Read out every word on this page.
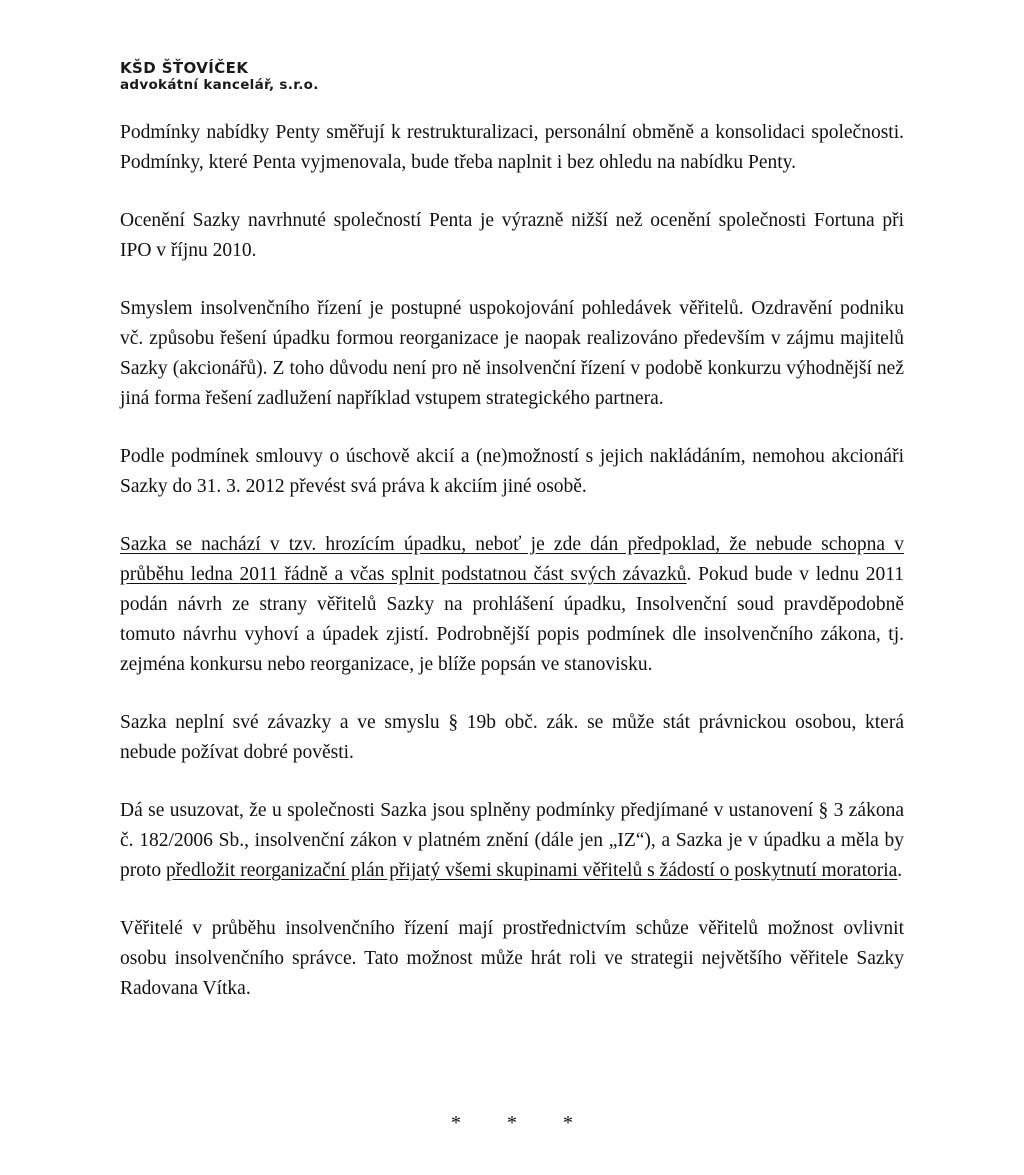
KŠD ŠŤOVÍČEK
advokátní kancelář, s.r.o.

Podmínky nabídky Penty směřují k restrukturalizaci, personální obměně a konsolidaci společnosti. Podmínky, které Penta vyjmenovala, bude třeba naplnit i bez ohledu na nabídku Penty.

Ocenění Sazky navrhnuté společností Penta je výrazně nižší než ocenění společnosti Fortuna při IPO v říjnu 2010.

Smyslem insolvenčního řízení je postupné uspokojování pohledávek věřitelů. Ozdravění podniku vč. způsobu řešení úpadku formou reorganizace je naopak realizováno především v zájmu majitelů Sazky (akcionářů). Z toho důvodu není pro ně insolvenční řízení v podobě konkurzu výhodnější než jiná forma řešení zadlužení například vstupem strategického partnera.

Podle podmínek smlouvy o úschově akcií a (ne)možností s jejich nakládáním, nemohou akcionáři Sazky do 31. 3. 2012 převést svá práva k akciím jiné osobě.

Sazka se nachází v tzv. hrozícím úpadku, neboť je zde dán předpoklad, že nebude schopna v průběhu ledna 2011 řádně a včas splnit podstatnou část svých závazků. Pokud bude v lednu 2011 podán návrh ze strany věřitelů Sazky na prohlášení úpadku, Insolvenční soud pravděpodobně tomuto návrhu vyhoví a úpadek zjistí. Podrobnější popis podmínek dle insolvenčního zákona, tj. zejména konkursu nebo reorganizace, je blíže popsán ve stanovisku.

Sazka neplní své závazky a ve smyslu § 19b obč. zák. se může stát právnickou osobou, která nebude požívat dobré pověsti.

Dá se usuzovat, že u společnosti Sazka jsou splněny podmínky předjímané v ustanovení § 3 zákona č. 182/2006 Sb., insolvenční zákon v platném znění (dále jen „IZ“), a Sazka je v úpadku a měla by proto předložit reorganizační plán přijatý všemi skupinami věřitelů s žádostí o poskytnutí moratoria.

Věřitelé v průběhu insolvenčního řízení mají prostřednictvím schůze věřitelů možnost ovlivnit osobu insolvenčního správce. Tato možnost může hrát roli ve strategii největšího věřitele Sazky Radovana Vítka.

* * *
